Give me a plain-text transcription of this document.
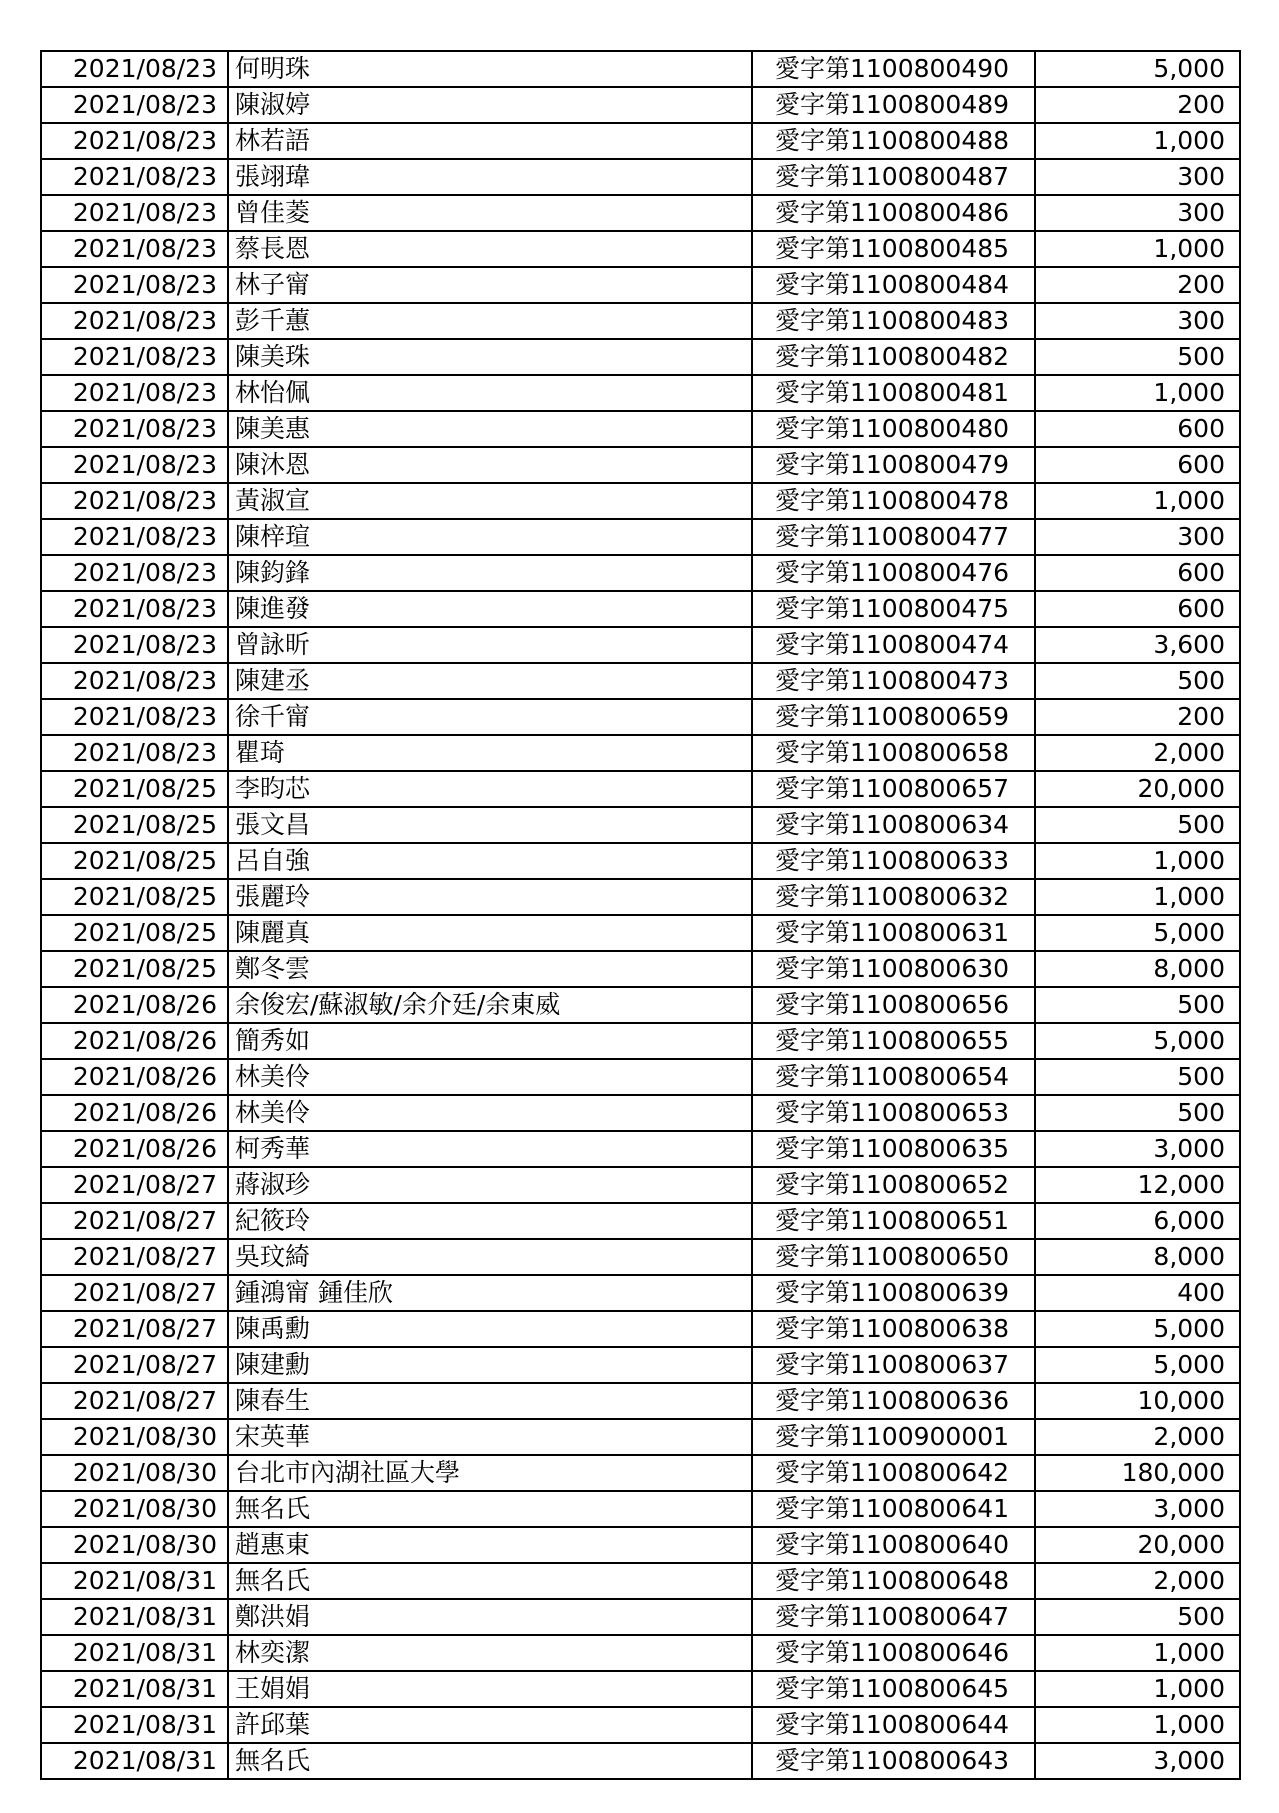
2021/08/23	何明珠	愛字第1100800490	5,000
2021/08/23	陳淑婷	愛字第1100800489	200
2021/08/23	林若語	愛字第1100800488	1,000
2021/08/23	張翊瑋	愛字第1100800487	300
2021/08/23	曾佳菱	愛字第1100800486	300
2021/08/23	蔡長恩	愛字第1100800485	1,000
2021/08/23	林子甯	愛字第1100800484	200
2021/08/23	彭千蕙	愛字第1100800483	300
2021/08/23	陳美珠	愛字第1100800482	500
2021/08/23	林怡佩	愛字第1100800481	1,000
2021/08/23	陳美惠	愛字第1100800480	600
2021/08/23	陳沐恩	愛字第1100800479	600
2021/08/23	黃淑宣	愛字第1100800478	1,000
2021/08/23	陳梓瑄	愛字第1100800477	300
2021/08/23	陳鈞鋒	愛字第1100800476	600
2021/08/23	陳進發	愛字第1100800475	600
2021/08/23	曾詠昕	愛字第1100800474	3,600
2021/08/23	陳建丞	愛字第1100800473	500
2021/08/23	徐千甯	愛字第1100800659	200
2021/08/23	瞿琦	愛字第1100800658	2,000
2021/08/25	李昀芯	愛字第1100800657	20,000
2021/08/25	張文昌	愛字第1100800634	500
2021/08/25	呂自強	愛字第1100800633	1,000
2021/08/25	張麗玲	愛字第1100800632	1,000
2021/08/25	陳麗真	愛字第1100800631	5,000
2021/08/25	鄭冬雲	愛字第1100800630	8,000
2021/08/26	余俊宏/蘇淑敏/余介廷/余東威	愛字第1100800656	500
2021/08/26	簡秀如	愛字第1100800655	5,000
2021/08/26	林美伶	愛字第1100800654	500
2021/08/26	林美伶	愛字第1100800653	500
2021/08/26	柯秀華	愛字第1100800635	3,000
2021/08/27	蔣淑珍	愛字第1100800652	12,000
2021/08/27	紀筱玲	愛字第1100800651	6,000
2021/08/27	吳玟綺	愛字第1100800650	8,000
2021/08/27	鍾鴻甯 鍾佳欣	愛字第1100800639	400
2021/08/27	陳禹勳	愛字第1100800638	5,000
2021/08/27	陳建勳	愛字第1100800637	5,000
2021/08/27	陳春生	愛字第1100800636	10,000
2021/08/30	宋英華	愛字第1100900001	2,000
2021/08/30	台北市內湖社區大學	愛字第1100800642	180,000
2021/08/30	無名氏	愛字第1100800641	3,000
2021/08/30	趙惠東	愛字第1100800640	20,000
2021/08/31	無名氏	愛字第1100800648	2,000
2021/08/31	鄭洪娟	愛字第1100800647	500
2021/08/31	林奕潔	愛字第1100800646	1,000
2021/08/31	王娟娟	愛字第1100800645	1,000
2021/08/31	許邱葉	愛字第1100800644	1,000
2021/08/31	無名氏	愛字第1100800643	3,000
